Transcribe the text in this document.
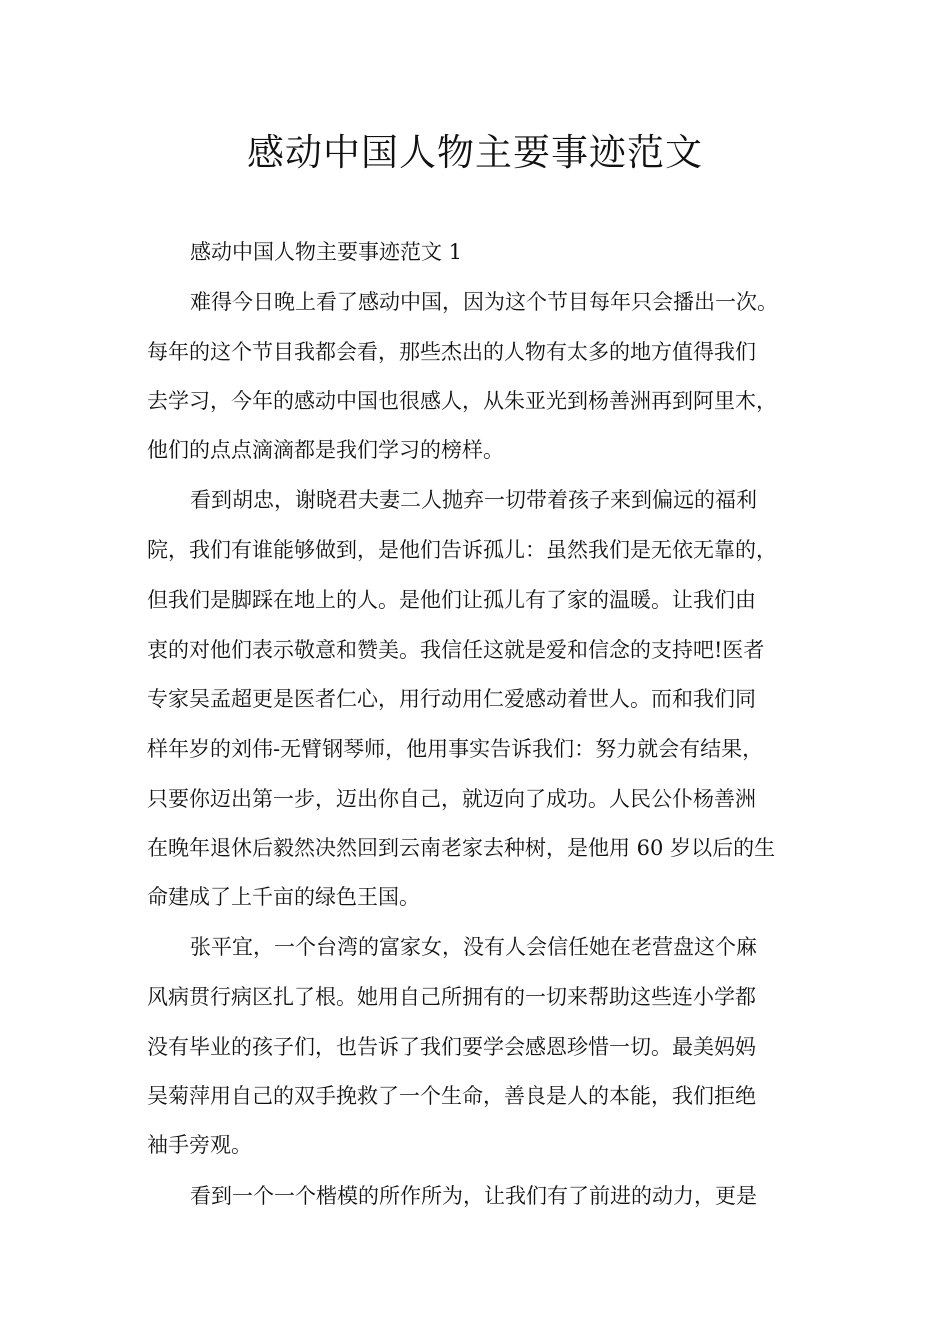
感动中国人物主要事迹范文

感动中国人物主要事迹范文 1

难得今日晚上看了感动中国，因为这个节目每年只会播出一次。

每年的这个节目我都会看，那些杰出的人物有太多的地方值得我们

去学习，今年的感动中国也很感人，从朱亚光到杨善洲再到阿里木，

他们的点点滴滴都是我们学习的榜样。

看到胡忠，谢晓君夫妻二人抛弃一切带着孩子来到偏远的福利

院，我们有谁能够做到，是他们告诉孤儿：虽然我们是无依无靠的，

但我们是脚踩在地上的人。是他们让孤儿有了家的温暖。让我们由

衷的对他们表示敬意和赞美。我信任这就是爱和信念的支持吧!医者

专家吴孟超更是医者仁心，用行动用仁爱感动着世人。而和我们同

样年岁的刘伟-无臂钢琴师，他用事实告诉我们：努力就会有结果，

只要你迈出第一步，迈出你自己，就迈向了成功。人民公仆杨善洲

在晚年退休后毅然决然回到云南老家去种树，是他用 60 岁以后的生

命建成了上千亩的绿色王国。

张平宜，一个台湾的富家女，没有人会信任她在老营盘这个麻

风病贯行病区扎了根。她用自己所拥有的一切来帮助这些连小学都

没有毕业的孩子们，也告诉了我们要学会感恩珍惜一切。最美妈妈

吴菊萍用自己的双手挽救了一个生命，善良是人的本能，我们拒绝

袖手旁观。

看到一个一个楷模的所作所为，让我们有了前进的动力，更是
